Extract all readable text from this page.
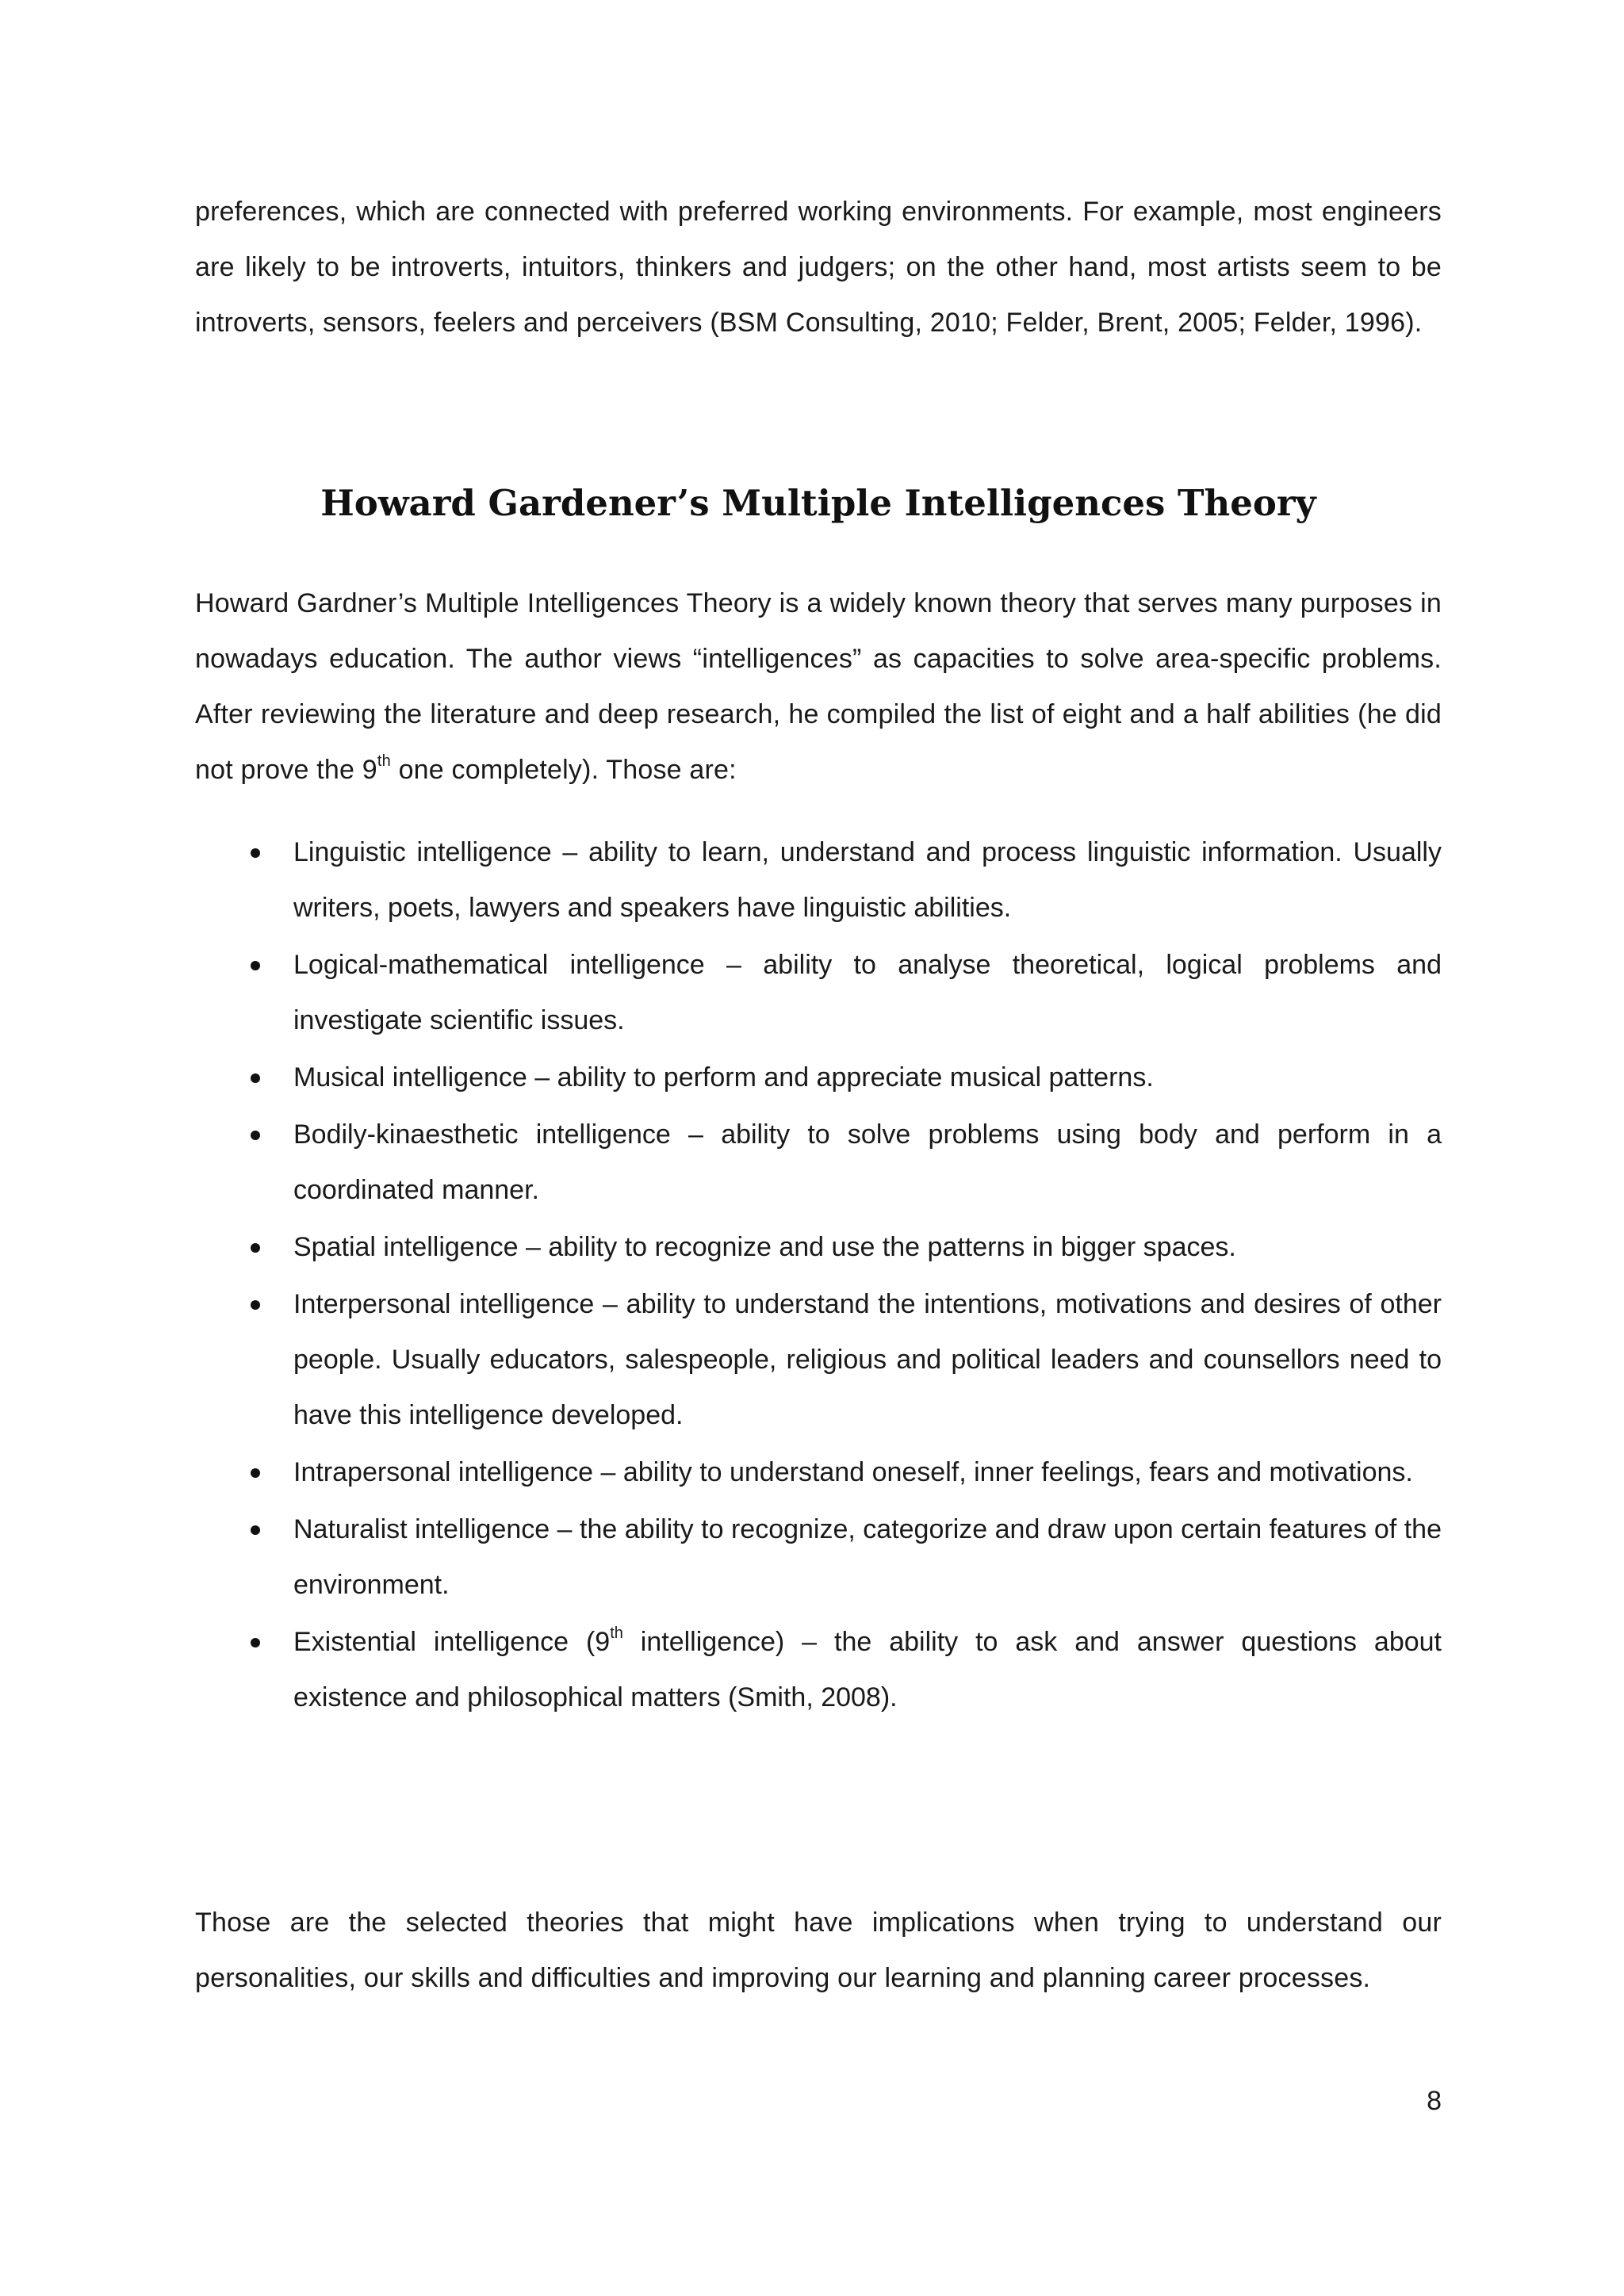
preferences, which are connected with preferred working environments. For example, most engineers are likely to be introverts, intuitors, thinkers and judgers; on the other hand, most artists seem to be introverts, sensors, feelers and perceivers (BSM Consulting, 2010; Felder, Brent, 2005; Felder, 1996).

Howard Gardener’s Multiple Intelligences Theory

Howard Gardner’s Multiple Intelligences Theory is a widely known theory that serves many purposes in nowadays education. The author views “intelligences” as capacities to solve area-specific problems. After reviewing the literature and deep research, he compiled the list of eight and a half abilities (he did not prove the 9th one completely). Those are:

Linguistic intelligence – ability to learn, understand and process linguistic information. Usually writers, poets, lawyers and speakers have linguistic abilities.
Logical-mathematical intelligence – ability to analyse theoretical, logical problems and investigate scientific issues.
Musical intelligence – ability to perform and appreciate musical patterns.
Bodily-kinaesthetic intelligence – ability to solve problems using body and perform in a coordinated manner.
Spatial intelligence – ability to recognize and use the patterns in bigger spaces.
Interpersonal intelligence – ability to understand the intentions, motivations and desires of other people. Usually educators, salespeople, religious and political leaders and counsellors need to have this intelligence developed.
Intrapersonal intelligence – ability to understand oneself, inner feelings, fears and motivations.
Naturalist intelligence – the ability to recognize, categorize and draw upon certain features of the environment.
Existential intelligence (9th intelligence) – the ability to ask and answer questions about existence and philosophical matters (Smith, 2008).

Those are the selected theories that might have implications when trying to understand our personalities, our skills and difficulties and improving our learning and planning career processes.

8
